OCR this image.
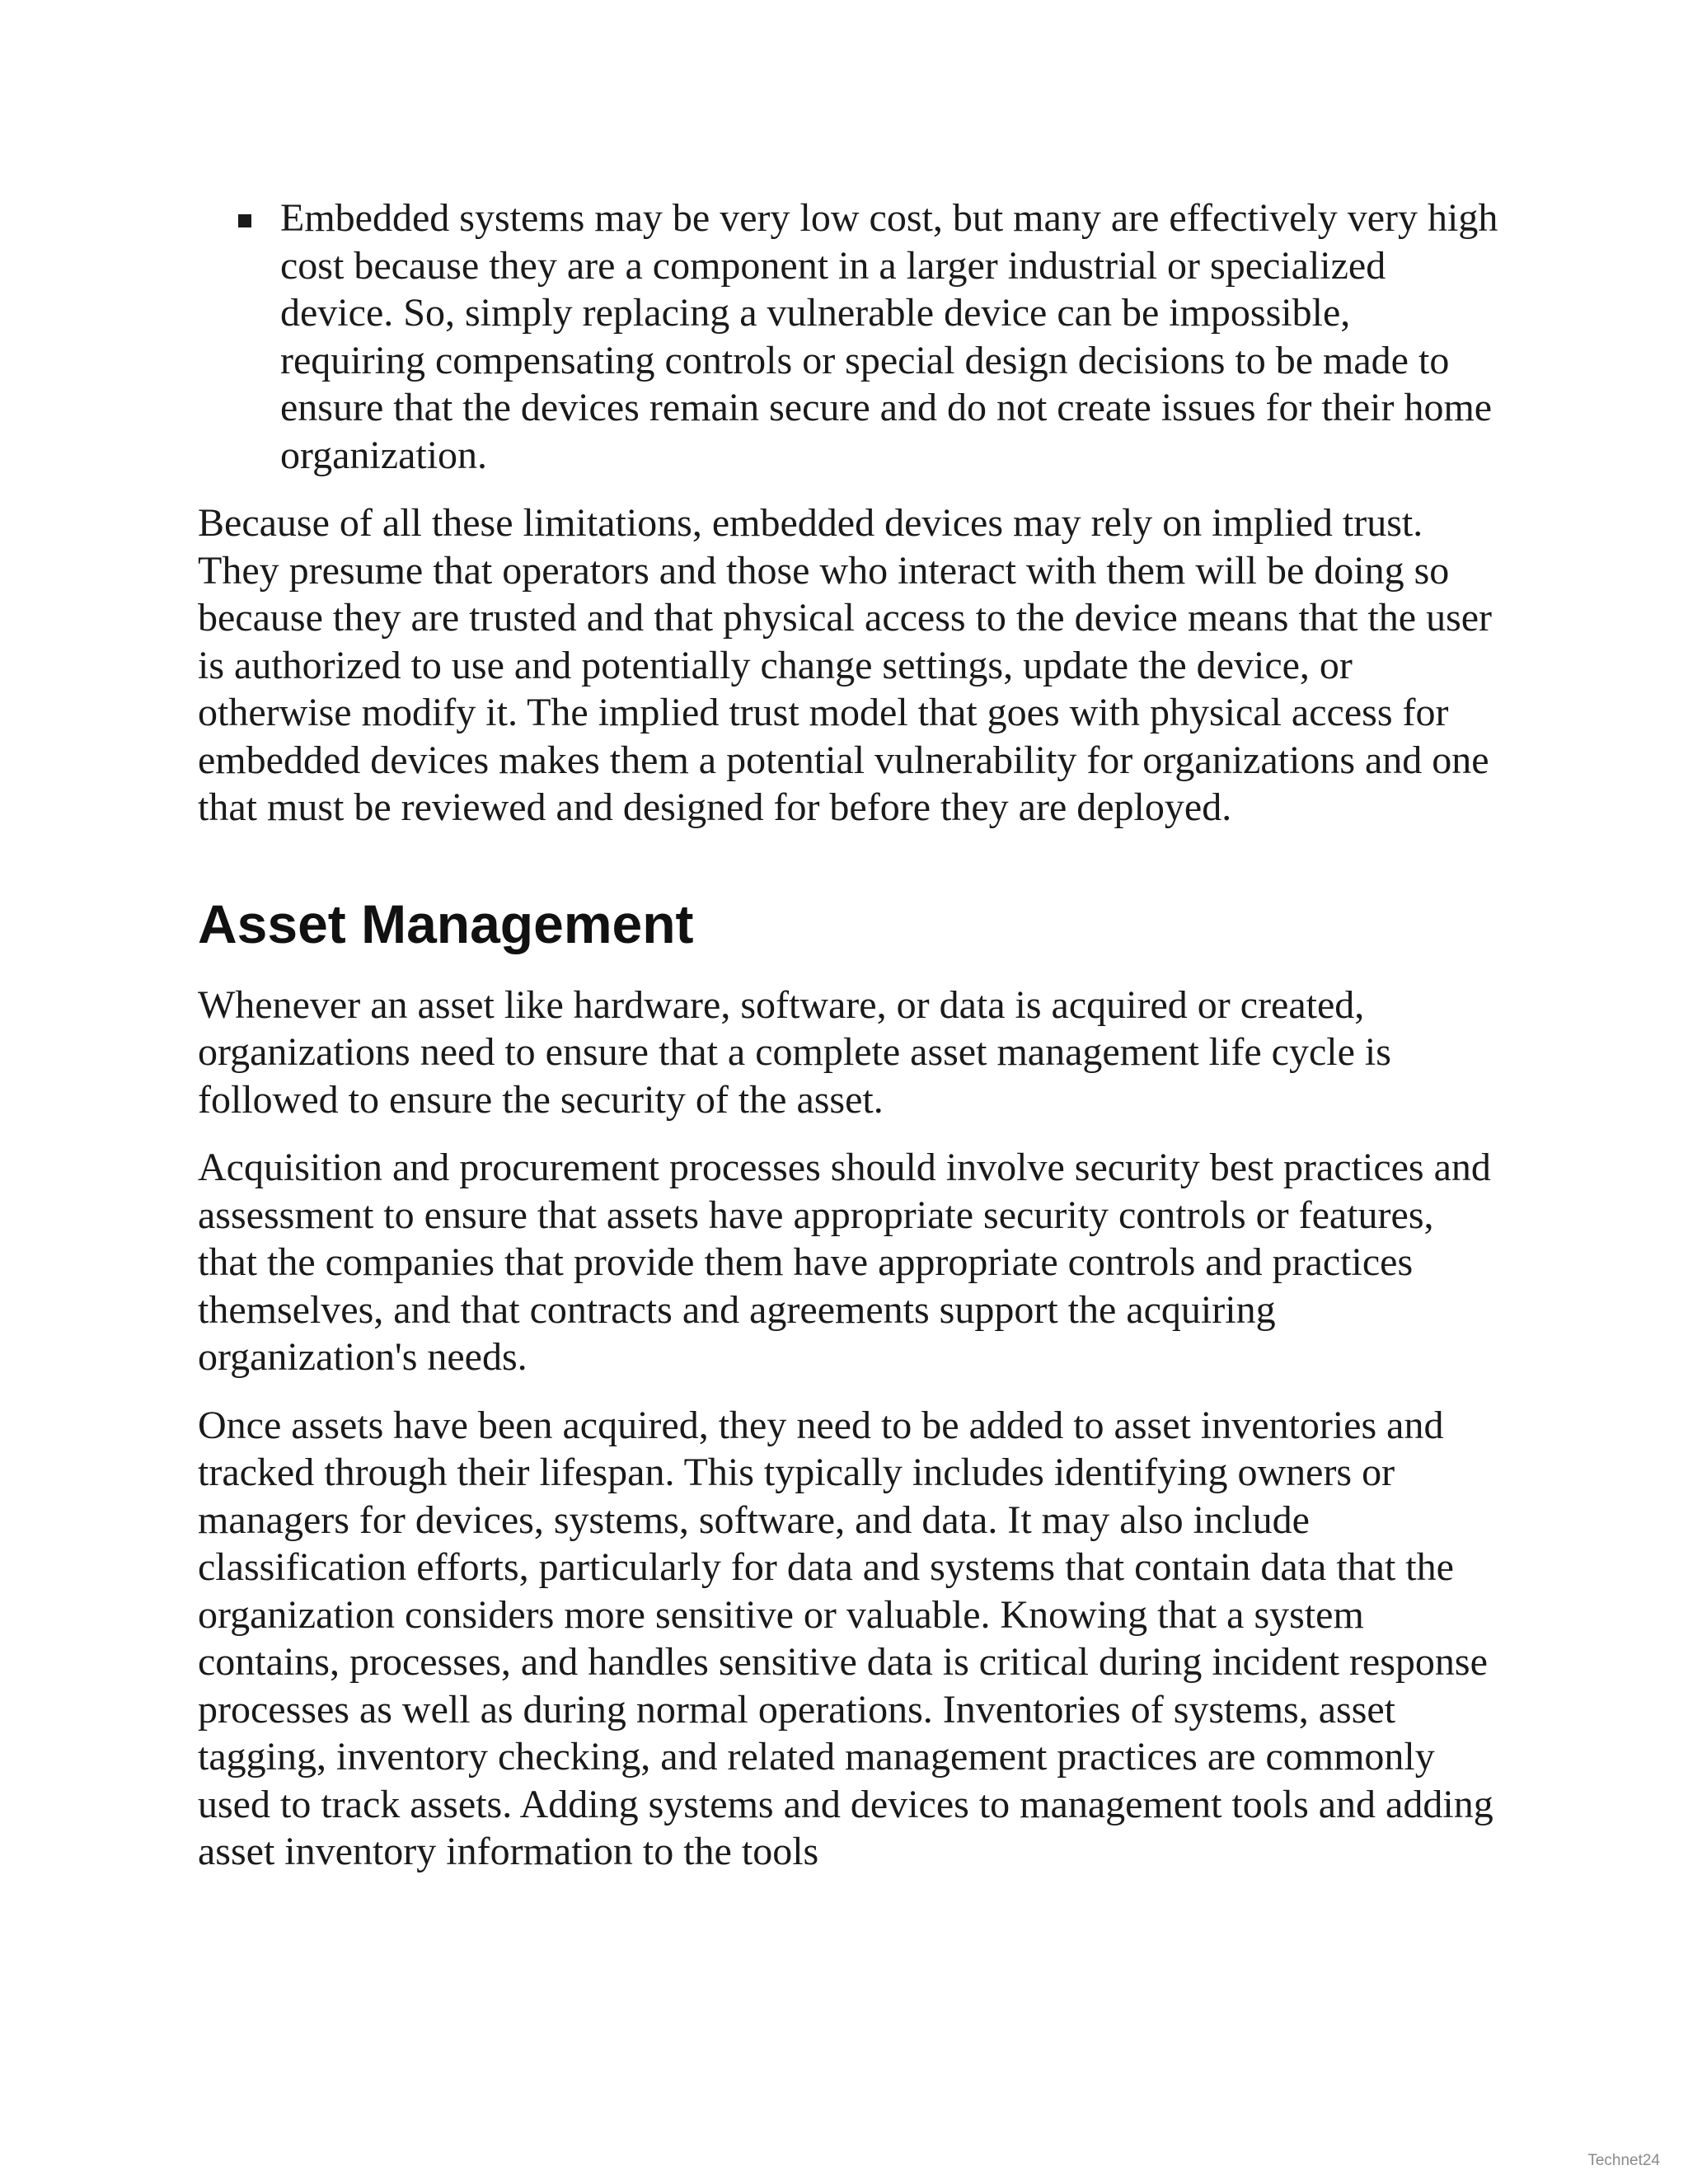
Embedded systems may be very low cost, but many are effectively very high cost because they are a component in a larger industrial or specialized device. So, simply replacing a vulnerable device can be impossible, requiring compensating controls or special design decisions to be made to ensure that the devices remain secure and do not create issues for their home organization.

Because of all these limitations, embedded devices may rely on implied trust. They presume that operators and those who interact with them will be doing so because they are trusted and that physical access to the device means that the user is authorized to use and potentially change settings, update the device, or otherwise modify it. The implied trust model that goes with physical access for embedded devices makes them a potential vulnerability for organizations and one that must be reviewed and designed for before they are deployed.

Asset Management

Whenever an asset like hardware, software, or data is acquired or created, organizations need to ensure that a complete asset management life cycle is followed to ensure the security of the asset.

Acquisition and procurement processes should involve security best practices and assessment to ensure that assets have appropriate security controls or features, that the companies that provide them have appropriate controls and practices themselves, and that contracts and agreements support the acquiring organization's needs.

Once assets have been acquired, they need to be added to asset inventories and tracked through their lifespan. This typically includes identifying owners or managers for devices, systems, software, and data. It may also include classification efforts, particularly for data and systems that contain data that the organization considers more sensitive or valuable. Knowing that a system contains, processes, and handles sensitive data is critical during incident response processes as well as during normal operations. Inventories of systems, asset tagging, inventory checking, and related management practices are commonly used to track assets. Adding systems and devices to management tools and adding asset inventory information to the tools

Technet24
